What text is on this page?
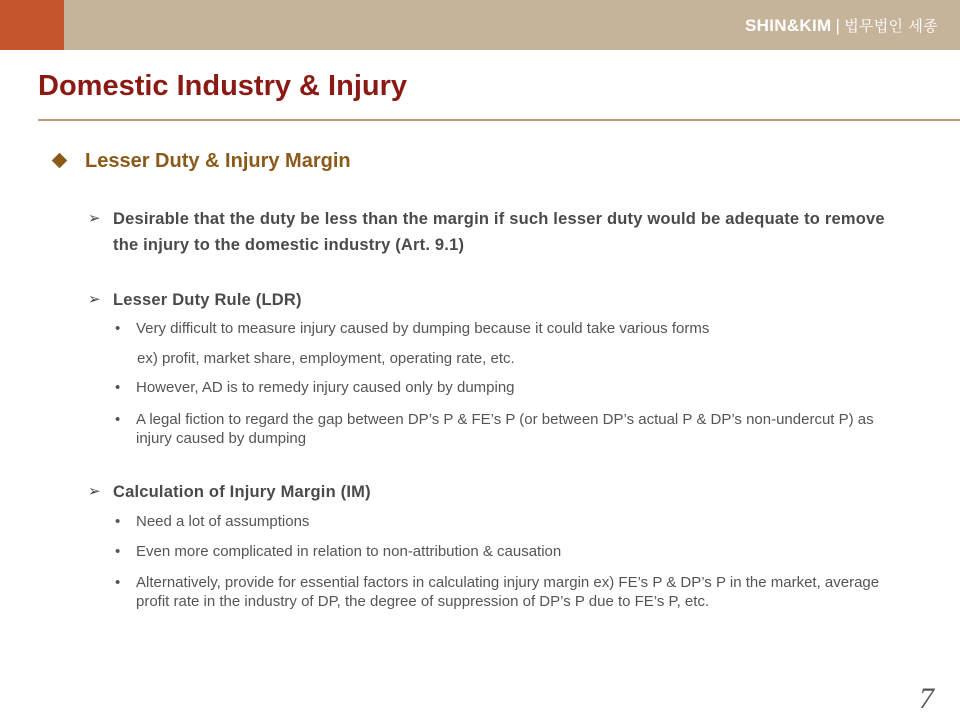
SHIN&KIM | 법무법인 세종
Domestic Industry & Injury
Lesser Duty & Injury Margin
➢ Desirable that the duty be less than the margin if such lesser duty would be adequate to remove the injury to the domestic industry (Art. 9.1)
➢ Lesser Duty Rule (LDR)
• Very difficult to measure injury caused by dumping because it could take various forms
ex) profit, market share, employment, operating rate, etc.
• However, AD is to remedy injury caused only by dumping
• A legal fiction to regard the gap between DP’s P & FE’s P (or between DP’s actual P & DP’s non-undercut P) as injury caused by dumping
➢ Calculation of Injury Margin (IM)
• Need a lot of assumptions
• Even more complicated in relation to non-attribution & causation
• Alternatively, provide for essential factors in calculating injury margin ex) FE’s P & DP’s P in the market, average profit rate in the industry of DP, the degree of suppression of DP’s P due to FE’s P, etc.
7
